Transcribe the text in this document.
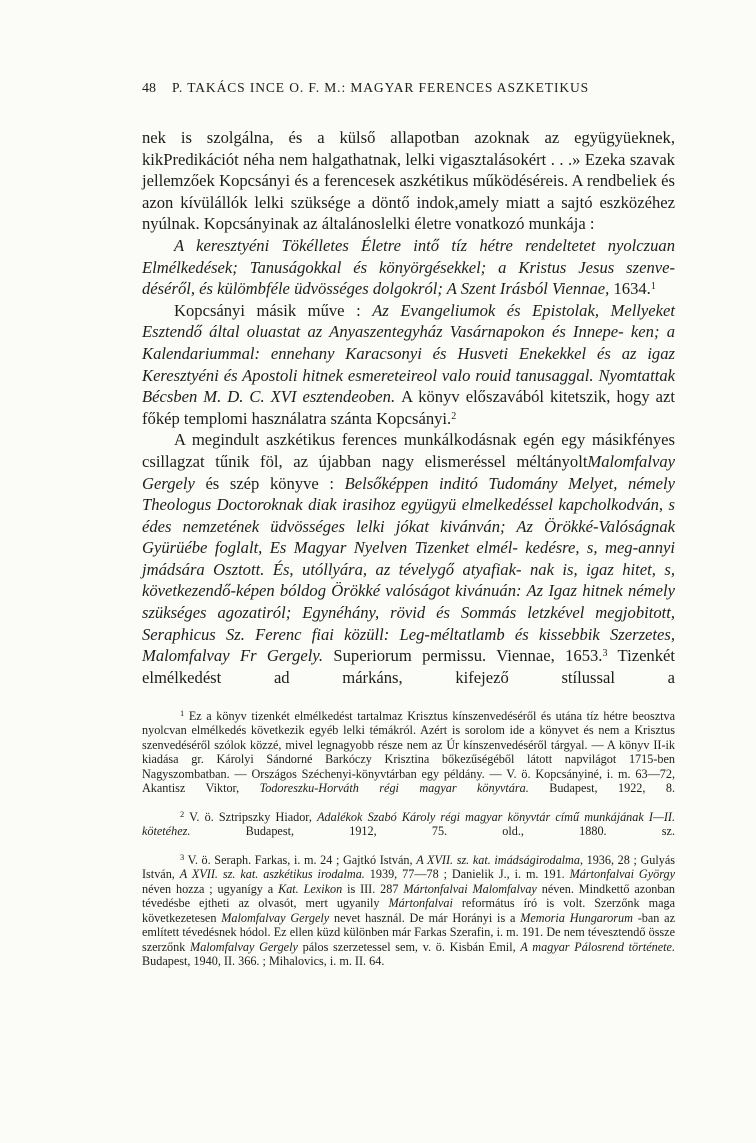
48 P. TAKÁCS INCE O. F. M.: MAGYAR FERENCES ASZKETIKUS

nek is szolgálna, és a külső allapotban azoknak az együgyüeknek, kikPredikációt néha nem halgathatnak, lelki vigasztalásokért . . .» Ezeka szavak jellemzőek Kopcsányi és a ferencesek aszkétikus működéséreis. A rendbeliek és azon kívülállók lelki szüksége a döntő indok,amely miatt a sajtó eszközéhez nyúlnak. Kopcsányinak az általánoslelki életre vonatkozó munkája :

A keresztyéni Tökélletes Életre intő tíz hétre rendeltetet nyolczuan Elmélkedések; Tanuságokkal és könyörgésekkel; a Kristus Jesus szenve- déséről, és külömbféle üdvösséges dolgokról; A Szent Irásból Viennae, 1634.$^1$

Kopcsányi másik műve : Az Evangeliumok és Epistolak, Mellyeket Esztendő által oluastat az Anyaszentegyház Vasárnapokon és Innepe- ken; a Kalendariummal: ennehany Karacsonyi és Husveti Enekekkel és az igaz Keresztyéni és Apostoli hitnek esmereteireol valo rouid tanusaggal. Nyomtattak Bécsben M. D. C. XVI esztendeoben. A könyv előszavából kitetszik, hogy azt főkép templomi használatra szánta Kopcsányi.$^2$

A megindult aszkétikus ferences munkálkodásnak egén egy másikfényes csillagzat tűnik föl, az újabban nagy elismeréssel méltányoltMalomfalvay Gergely és szép könyve : Belsőképpen inditó Tudomány Melyet, némely Theologus Doctoroknak diak irasihoz együgyü elmelkedéssel kapcholkodván, s édes nemzetének üdvösséges lelki jókat kivánván; Az Örökké-Valóságnak Gyürüébe foglalt, Es Magyar Nyelven Tizenket elmél- kedésre, s, meg-annyi jmádsára Osztott. És, utóllyára, az tévelygő atyafiak- nak is, igaz hitet, s, következendő-képen bóldog Örökké valóságot kivánuán: Az Igaz hitnek némely szükséges agozatiról; Egynéhány, rövid és Sommás letzkével megjobitott, Seraphicus Sz. Ferenc fiai közüll: Leg-méltatlamb és kissebbik Szerzetes, Malomfalvay Fr Gergely. Superiorum permissu. Viennae, 1653.$^3$ Tizenkét elmélkedést ad márkáns, kifejező stílussal a

$^1$ Ez a könyv tizenkét elmélkedést tartalmaz Krisztus kínszenvedéséről és utána tíz hétre beosztva nyolcvan elmélkedés következik egyéb lelki témákról. Azért is sorolom ide a könyvet és nem a Krisztus szenvedéséről szólok közzé, mivel legnagyobb része nem az Úr kínszenvedéséről tárgyal. — A könyv II-ik kiadása gr. Károlyi Sándorné Barkóczy Krisztina bőkezűségéből látott napvilágot 1715-ben Nagyszombatban. — Országos Széchenyi-könyvtárban egy példány. — V. ö. Kopcsányiné, i. m. 63—72, Akantisz Viktor, Todoreszku-Horváth régi magyar könyvtára. Budapest, 1922, 8.

$^2$ V. ö. Sztripszky Hiador, Adalékok Szabó Károly régi magyar könyvtár című munkájának I—II. kötetéhez. Budapest, 1912, 75. old., 1880. sz.

$^3$ V. ö. Seraph. Farkas, i. m. 24 ; Gajtkó István, A XVII. sz. kat. imádságirodalma, 1936, 28 ; Gulyás István, A XVII. sz. kat. aszkétikus irodalma. 1939, 77—78 ; Danielik J., i. m. 191. Mártonfalvai György néven hozza ; ugyanígy a Kat. Lexikon is III. 287 Mártonfalvai Malomfalvay néven. Mindkettő azonban tévedésbe ejtheti az olvasót, mert ugyanily Mártonfalvai református író is volt. Szerzőnk maga következetesen Malomfalvay Gergely nevet használ. De már Horányi is a Memoria Hungarorum -ban az említett tévedésnek hódol. Ez ellen küzd különben már Farkas Szerafin, i. m. 191. De nem tévesztendő össze szerzőnk Malomfalvay Gergely pálos szerzetessel sem, v. ö. Kisbán Emil, A magyar Pálosrend története. Budapest, 1940, II. 366. ; Mihalovics, i. m. II. 64.
